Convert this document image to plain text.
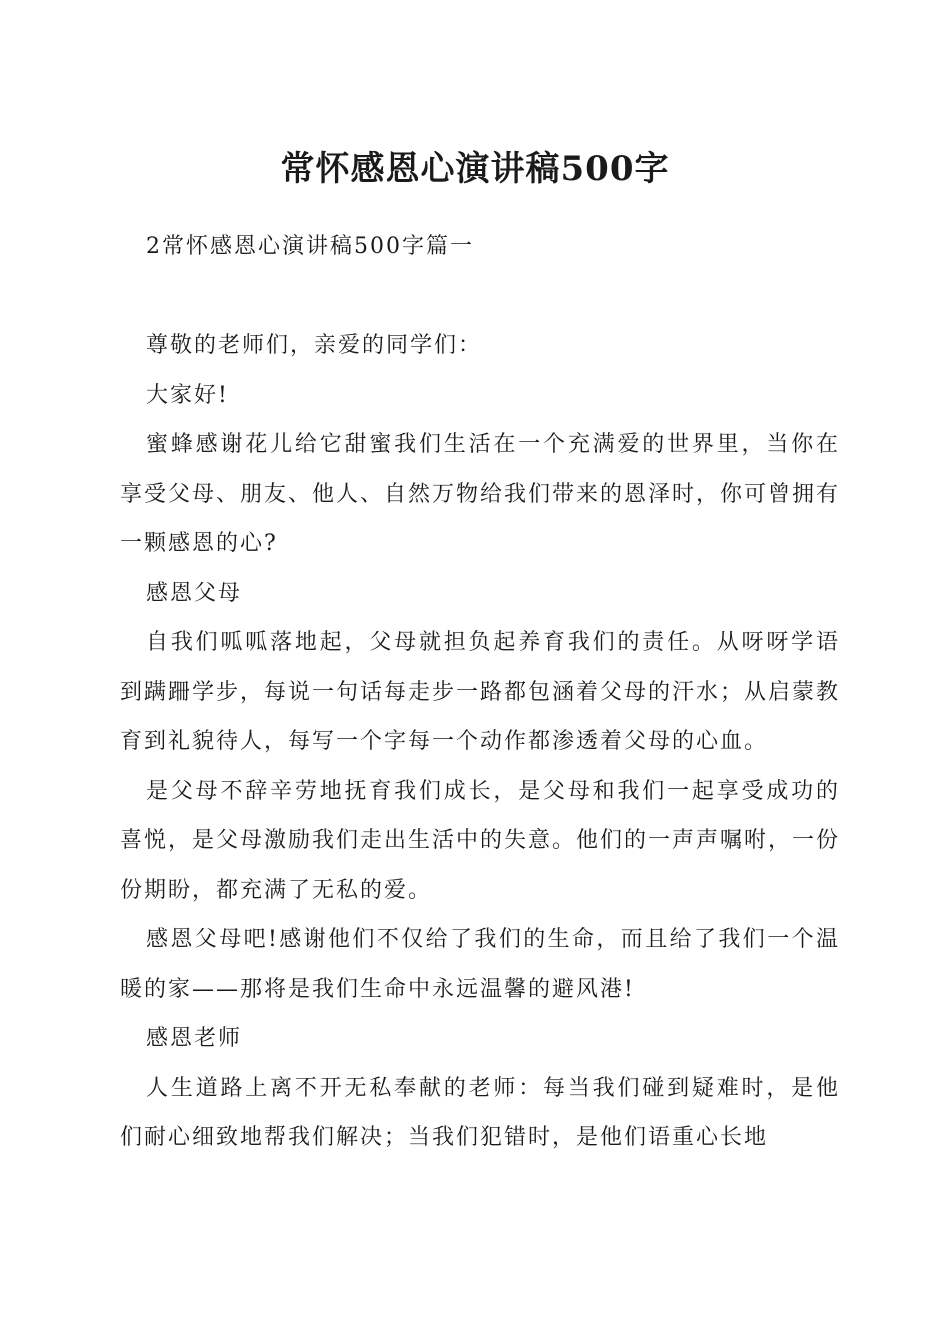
常怀感恩心演讲稿500字

2常怀感恩心演讲稿500字篇一

尊敬的老师们，亲爱的同学们：

大家好!

蜜蜂感谢花儿给它甜蜜我们生活在一个充满爱的世界里，当你在享受父母、朋友、他人、自然万物给我们带来的恩泽时，你可曾拥有一颗感恩的心?

感恩父母

自我们呱呱落地起，父母就担负起养育我们的责任。从呀呀学语到蹒跚学步，每说一句话每走步一路都包涵着父母的汗水；从启蒙教育到礼貌待人，每写一个字每一个动作都渗透着父母的心血。

是父母不辞辛劳地抚育我们成长，是父母和我们一起享受成功的喜悦，是父母激励我们走出生活中的失意。他们的一声声嘱咐，一份份期盼，都充满了无私的爱。

感恩父母吧!感谢他们不仅给了我们的生命，而且给了我们一个温暖的家——那将是我们生命中永远温馨的避风港!

感恩老师

人生道路上离不开无私奉献的老师：每当我们碰到疑难时，是他们耐心细致地帮我们解决；当我们犯错时，是他们语重心长地
